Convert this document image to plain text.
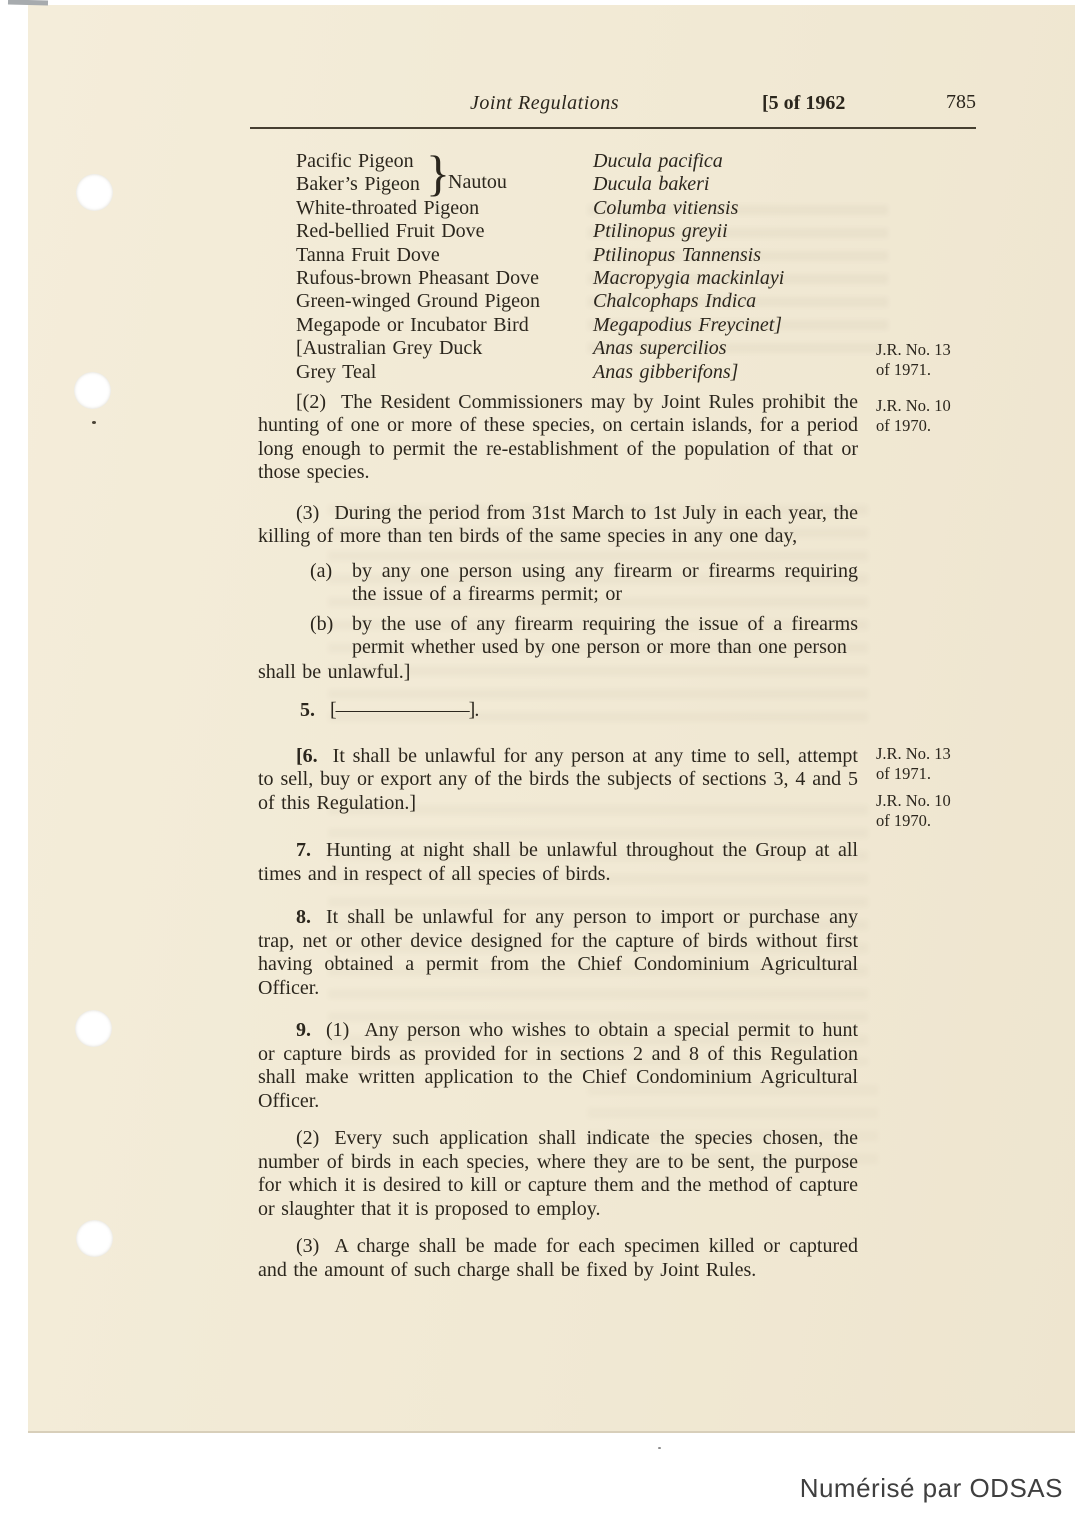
Joint Regulations	[5 of 1962	785
Pacific Pigeon	Ducula pacifica
Baker’s Pigeon	Ducula bakeri
White-throated Pigeon	Columba vitiensis
Red-bellied Fruit Dove	Ptilinopus greyii
Tanna Fruit Dove	Ptilinopus Tannensis
Rufous-brown Pheasant Dove	Macropygia mackinlayi
Green-winged Ground Pigeon	Chalcophaps Indica
Megapode or Incubator Bird	Megapodius Freycinet]
[Australian Grey Duck	Anas supercilios
Grey Teal	Anas gibberifons]
}
Nautou

[(2) The Resident Commissioners may by Joint Rules prohibit the hunting of one or more of these species, on certain islands, for a period long enough to permit the re-establishment of the population of that or those species.

(3) During the period from 31st March to 1st July in each year, the killing of more than ten birds of the same species in any one day,

(a) by any one person using any firearm or firearms requiring the issue of a firearms permit; or

(b) by the use of any firearm requiring the issue of a firearms permit whether used by one person or more than one person

shall be unlawful.]

5. [———————].

[6. It shall be unlawful for any person at any time to sell, attempt to sell, buy or export any of the birds the subjects of sections 3, 4 and 5 of this Regulation.]

7. Hunting at night shall be unlawful throughout the Group at all times and in respect of all species of birds.

8. It shall be unlawful for any person to import or purchase any trap, net or other device designed for the capture of birds without first having obtained a permit from the Chief Condominium Agricultural Officer.

9. (1) Any person who wishes to obtain a special permit to hunt or capture birds as provided for in sections 2 and 8 of this Regulation shall make written application to the Chief Condominium Agricultural Officer.

(2) Every such application shall indicate the species chosen, the number of birds in each species, where they are to be sent, the purpose for which it is desired to kill or capture them and the method of capture or slaughter that it is proposed to employ.

(3) A charge shall be made for each specimen killed or captured and the amount of such charge shall be fixed by Joint Rules.

J.R. No. 13
of 1971.
J.R. No. 10
of 1970.
J.R. No. 13
of 1971.
J.R. No. 10
of 1970.
Numérisé par ODSAS
